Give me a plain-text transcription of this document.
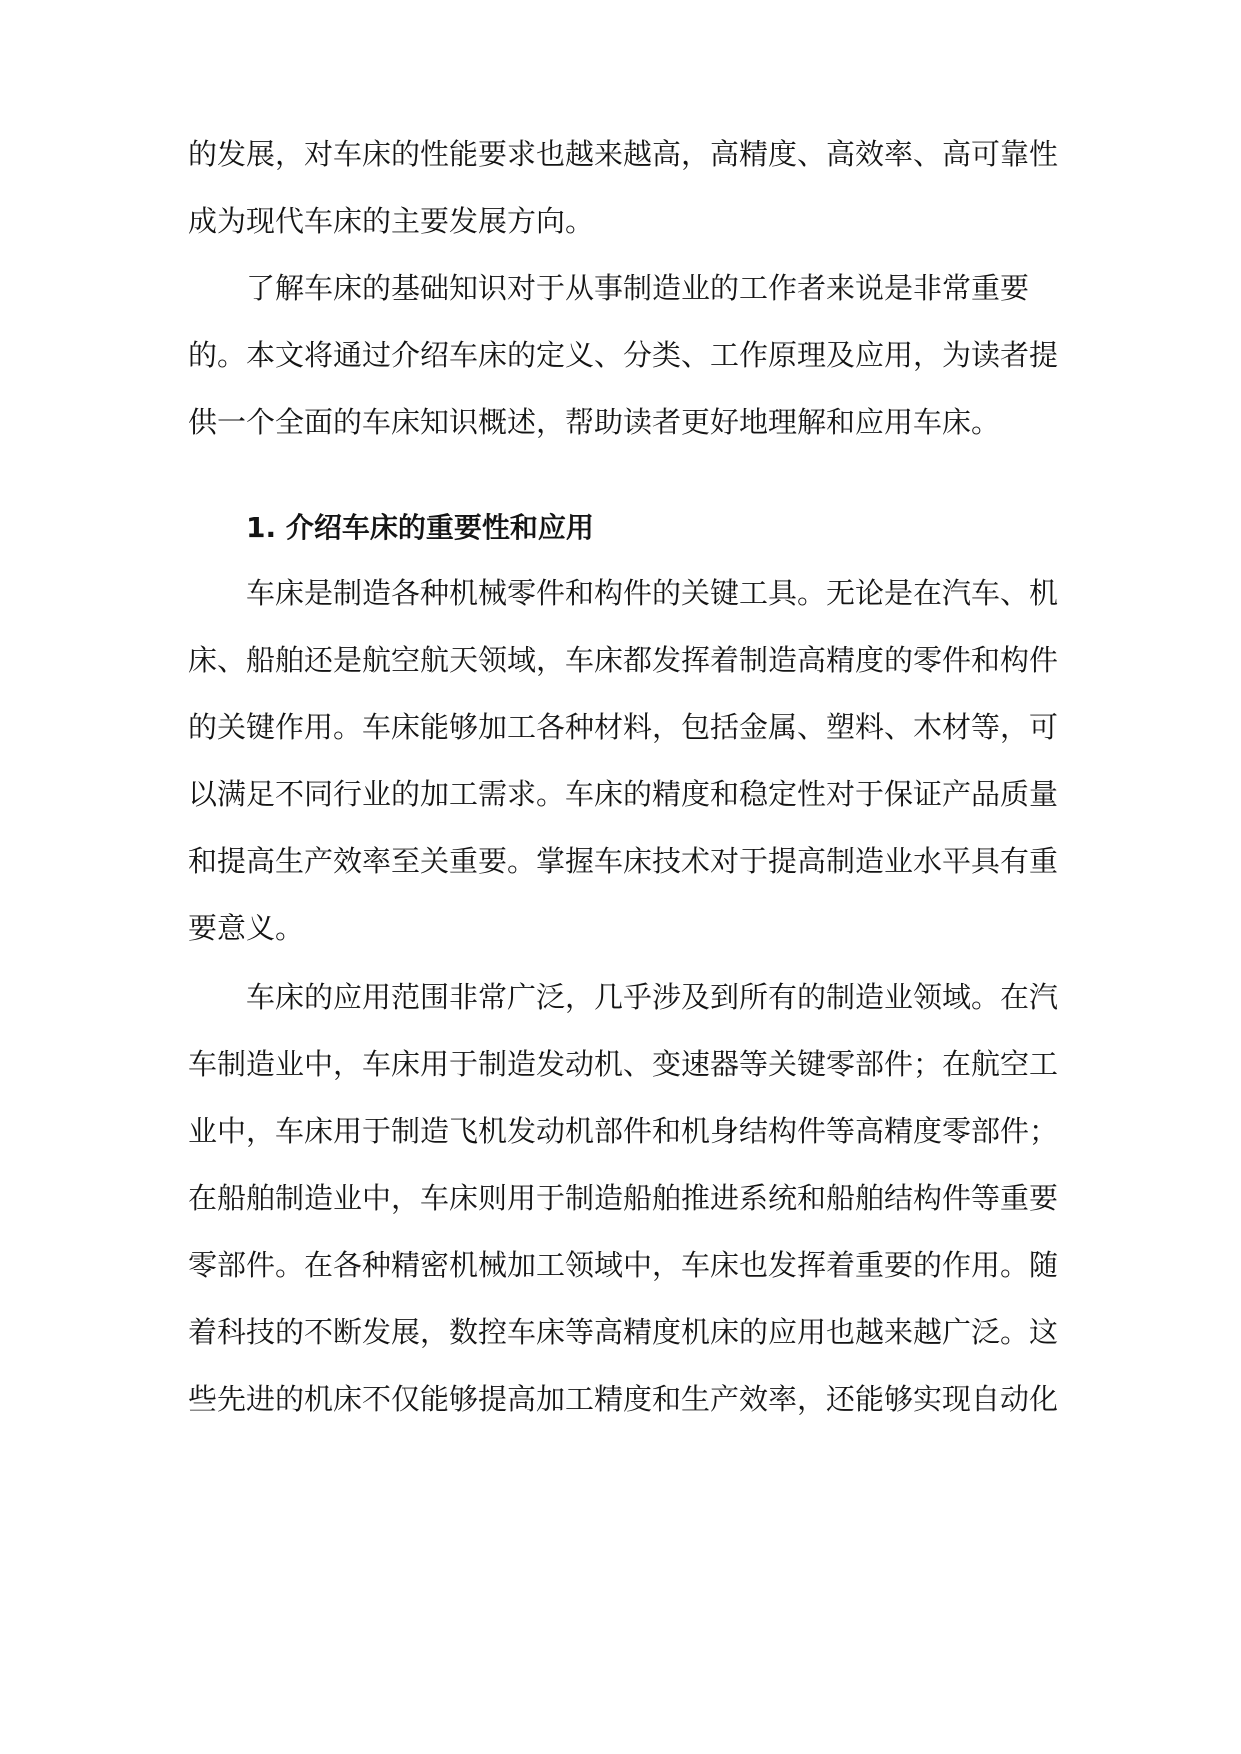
的发展，对车床的性能要求也越来越高，高精度、高效率、高可靠性
成为现代车床的主要发展方向。
了解车床的基础知识对于从事制造业的工作者来说是非常重要
的。本文将通过介绍车床的定义、分类、工作原理及应用，为读者提
供一个全面的车床知识概述，帮助读者更好地理解和应用车床。
1. 介绍车床的重要性和应用
车床是制造各种机械零件和构件的关键工具。无论是在汽车、机
床、船舶还是航空航天领域，车床都发挥着制造高精度的零件和构件
的关键作用。车床能够加工各种材料，包括金属、塑料、木材等，可
以满足不同行业的加工需求。车床的精度和稳定性对于保证产品质量
和提高生产效率至关重要。掌握车床技术对于提高制造业水平具有重
要意义。
车床的应用范围非常广泛，几乎涉及到所有的制造业领域。在汽
车制造业中，车床用于制造发动机、变速器等关键零部件；在航空工
业中，车床用于制造飞机发动机部件和机身结构件等高精度零部件；
在船舶制造业中，车床则用于制造船舶推进系统和船舶结构件等重要
零部件。在各种精密机械加工领域中，车床也发挥着重要的作用。随
着科技的不断发展，数控车床等高精度机床的应用也越来越广泛。这
些先进的机床不仅能够提高加工精度和生产效率，还能够实现自动化
